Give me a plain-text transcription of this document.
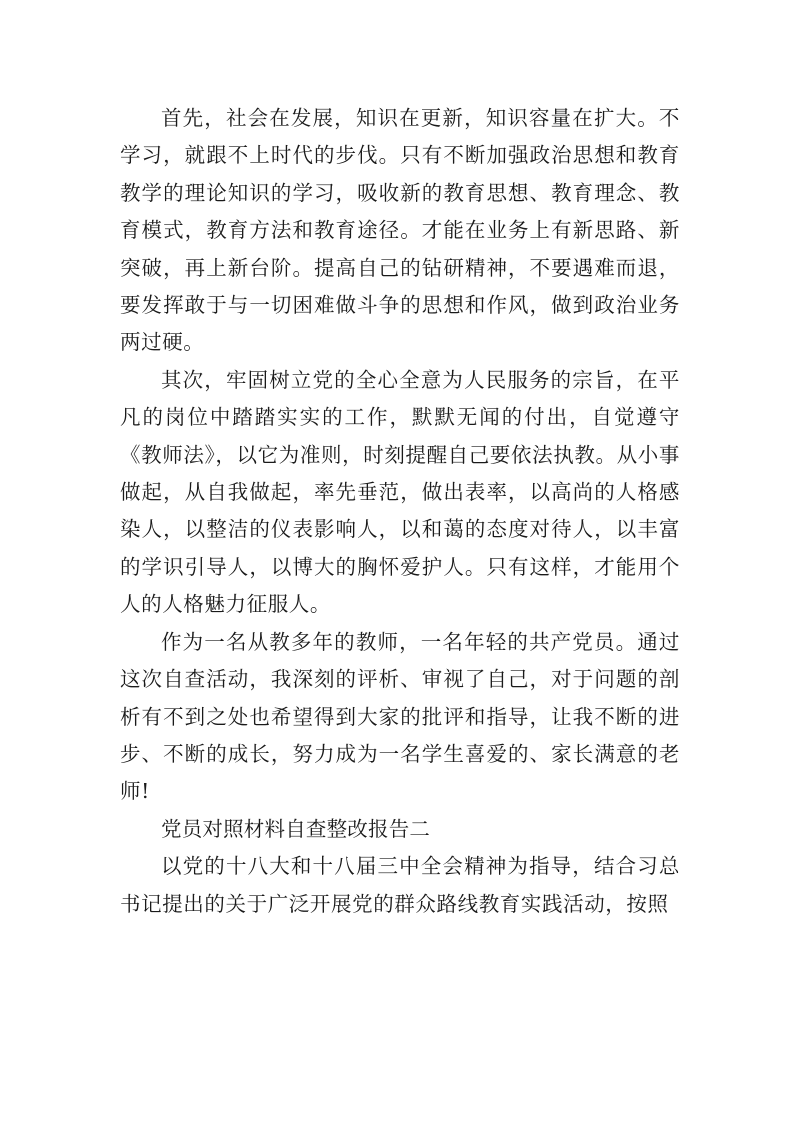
首先，社会在发展，知识在更新，知识容量在扩大。不学习，就跟不上时代的步伐。只有不断加强政治思想和教育教学的理论知识的学习，吸收新的教育思想、教育理念、教育模式，教育方法和教育途径。才能在业务上有新思路、新突破，再上新台阶。提高自己的钻研精神，不要遇难而退，要发挥敢于与一切困难做斗争的思想和作风，做到政治业务两过硬。

其次，牢固树立党的全心全意为人民服务的宗旨，在平凡的岗位中踏踏实实的工作，默默无闻的付出，自觉遵守《教师法》，以它为准则，时刻提醒自己要依法执教。从小事做起，从自我做起，率先垂范，做出表率，以高尚的人格感染人，以整洁的仪表影响人，以和蔼的态度对待人，以丰富的学识引导人，以博大的胸怀爱护人。只有这样，才能用个人的人格魅力征服人。

作为一名从教多年的教师，一名年轻的共产党员。通过这次自查活动，我深刻的评析、审视了自己，对于问题的剖析有不到之处也希望得到大家的批评和指导，让我不断的进步、不断的成长，努力成为一名学生喜爱的、家长满意的老师!

党员对照材料自查整改报告二

以党的十八大和十八届三中全会精神为指导，结合习总书记提出的关于广泛开展党的群众路线教育实践活动，按照
